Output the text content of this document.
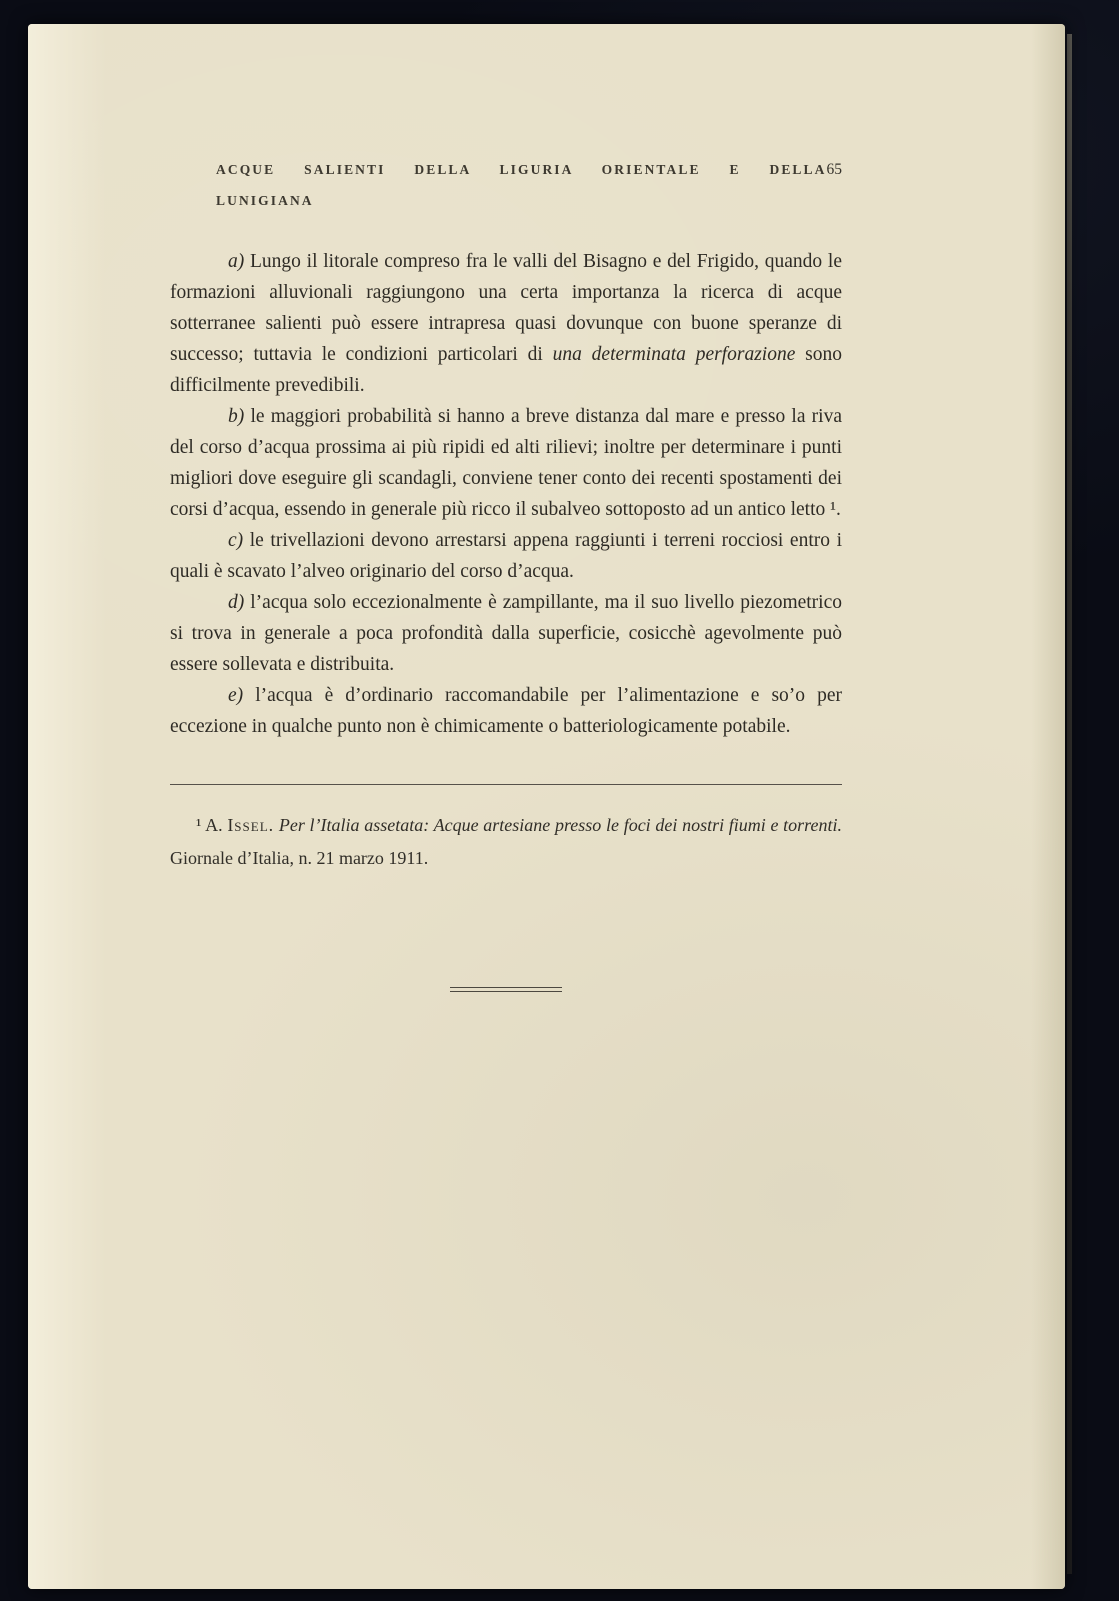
ACQUE SALIENTI DELLA LIGURIA ORIENTALE E DELLA LUNIGIANA
65

a) Lungo il litorale compreso fra le valli del Bisagno e del Frigido, quando le formazioni alluvionali raggiungono una certa importanza la ricerca di acque sotterranee salienti può essere intrapresa quasi dovunque con buone speranze di successo; tuttavia le condizioni particolari di una determinata perforazione sono difficilmente prevedibili.

b) le maggiori probabilità si hanno a breve distanza dal mare e presso la riva del corso d’acqua prossima ai più ripidi ed alti rilievi; inoltre per determinare i punti migliori dove eseguire gli scandagli, conviene tener conto dei recenti spostamenti dei corsi d’acqua, essendo in generale più ricco il subalveo sottoposto ad un antico letto ¹.

c) le trivellazioni devono arrestarsi appena raggiunti i terreni rocciosi entro i quali è scavato l’alveo originario del corso d’acqua.

d) l’acqua solo eccezionalmente è zampillante, ma il suo livello piezometrico si trova in generale a poca profondità dalla superficie, cosicchè agevolmente può essere sollevata e distribuita.

e) l’acqua è d’ordinario raccomandabile per l’alimentazione e so’o per eccezione in qualche punto non è chimicamente o batteriologicamente potabile.

¹ A. Issel. Per l’Italia assetata: Acque artesiane presso le foci dei nostri fiumi e torrenti. Giornale d’Italia, n. 21 marzo 1911.
